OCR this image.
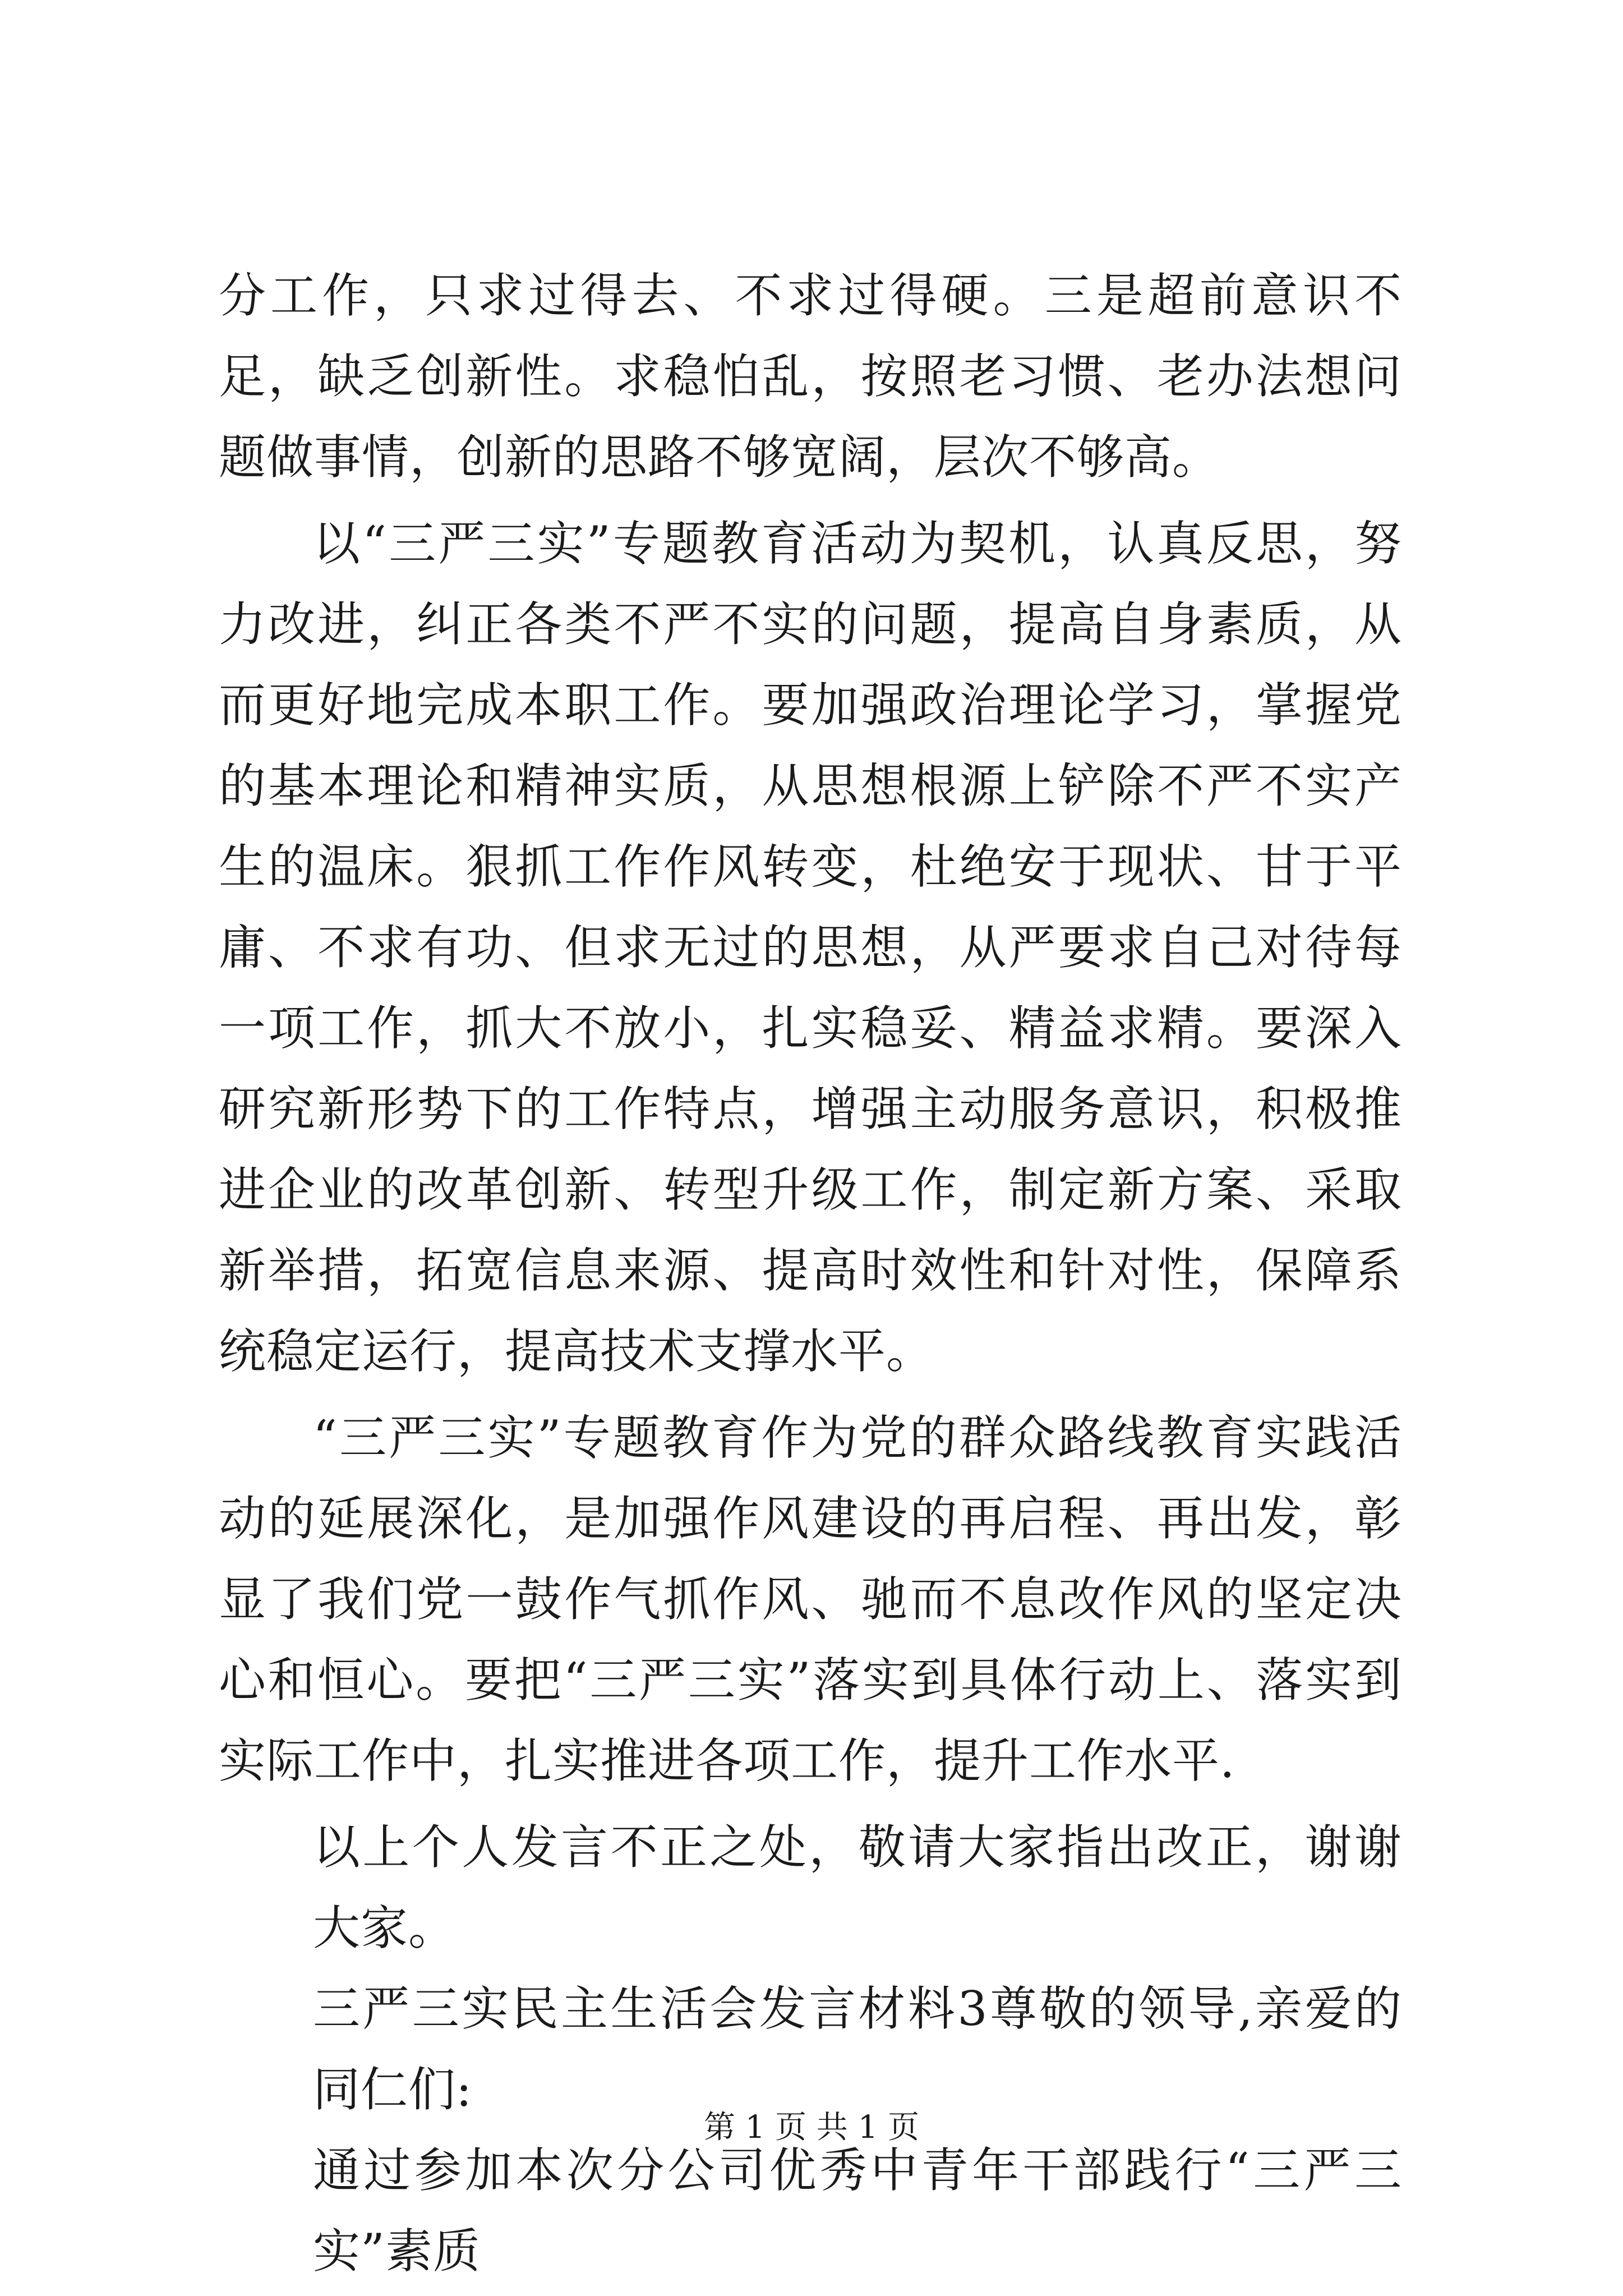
分工作，只求过得去、不求过得硬。三是超前意识不足，缺乏创新性。求稳怕乱，按照老习惯、老办法想问题做事情，创新的思路不够宽阔，层次不够高。

以“三严三实”专题教育活动为契机，认真反思，努力改进，纠正各类不严不实的问题，提高自身素质，从而更好地完成本职工作。要加强政治理论学习，掌握党的基本理论和精神实质，从思想根源上铲除不严不实产生的温床。狠抓工作作风转变，杜绝安于现状、甘于平庸、不求有功、但求无过的思想，从严要求自己对待每一项工作，抓大不放小，扎实稳妥、精益求精。要深入研究新形势下的工作特点，增强主动服务意识，积极推进企业的改革创新、转型升级工作，制定新方案、采取新举措，拓宽信息来源、提高时效性和针对性，保障系统稳定运行，提高技术支撑水平。

“三严三实”专题教育作为党的群众路线教育实践活动的延展深化，是加强作风建设的再启程、再出发，彰显了我们党一鼓作气抓作风、驰而不息改作风的坚定决心和恒心。要把“三严三实”落实到具体行动上、落实到实际工作中，扎实推进各项工作，提升工作水平.

以上个人发言不正之处，敬请大家指出改正，谢谢大家。

三严三实民主生活会发言材料3尊敬的领导,亲爱的同仁们:

通过参加本次分公司优秀中青年干部践行“三严三实”素质

第 1 页 共 1 页
